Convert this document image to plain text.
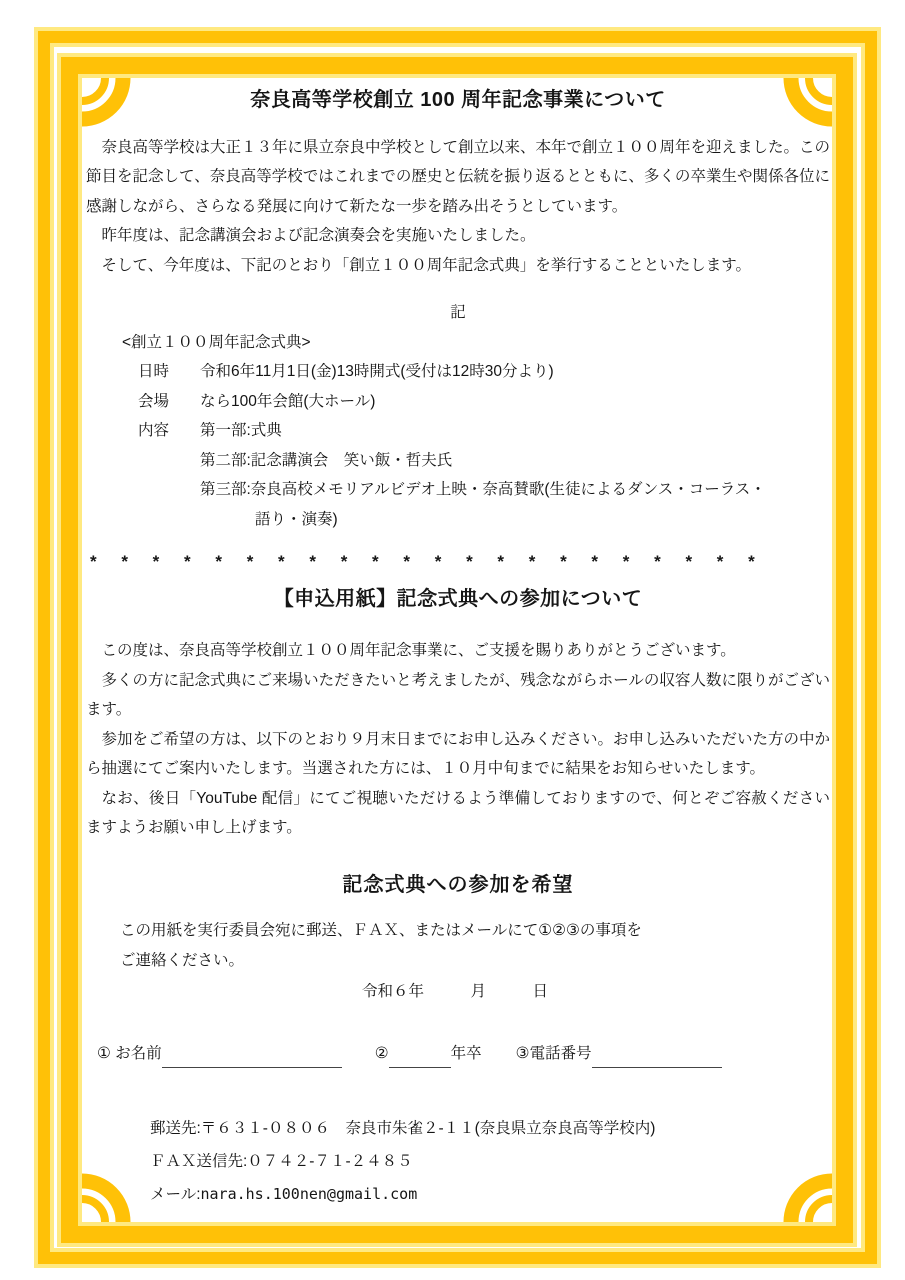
奈良高等学校創立 100 周年記念事業について

奈良高等学校は大正１３年に県立奈良中学校として創立以来、本年で創立１００周年を迎えました。この節目を記念して、奈良高等学校ではこれまでの歴史と伝統を振り返るとともに、多くの卒業生や関係各位に感謝しながら、さらなる発展に向けて新たな一歩を踏み出そうとしています。

昨年度は、記念講演会および記念演奏会を実施いたしました。
そして、今年度は、下記のとおり「創立１００周年記念式典」を挙行することといたします。
記
<創立１００周年記念式典>
日時	令和6年11月1日(金)13時開式(受付は12時30分より)
会場	なら100年会館(大ホール)
内容	第一部:式典
第二部:記念講演会　笑い飯・哲夫氏
第三部:奈良高校メモリアルビデオ上映・奈高賛歌(生徒によるダンス・コーラス・
語り・演奏)
* * * * * * * * * * * * * * * * * * * * * *
【申込用紙】記念式典への参加について

この度は、奈良高等学校創立１００周年記念事業に、ご支援を賜りありがとうございます。

多くの方に記念式典にご来場いただきたいと考えましたが、残念ながらホールの収容人数に限りがございます。

参加をご希望の方は、以下のとおり９月末日までにお申し込みください。お申し込みいただいた方の中から抽選にてご案内いたします。当選された方には、１０月中旬までに結果をお知らせいたします。

なお、後日「YouTube 配信」にてご視聴いただけるよう準備しておりますので、何とぞご容赦くださいますようお願い申し上げます。

記念式典への参加を希望
この用紙を実行委員会宛に郵送、ＦＡＸ、またはメールにて①②③の事項を
ご連絡ください。
令和６年　　　月　　　日
①
お名前	②	年卒 ③ 電話番号
郵送先:〒６３１-０８０６　奈良市朱雀２-１１(奈良県立奈良高等学校内)
ＦＡＸ送信先:０７４２-７１-２４８５
メール:nara.hs.100nen@gmail.com
